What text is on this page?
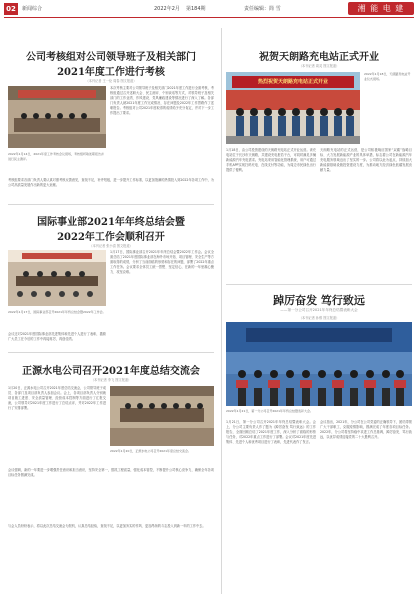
02	新闻综合	2022年2月 第184期	责任编辑：简 雪	湘 能 电 建
公司考核组对公司领导班子及相关部门
2021年度工作进行考核
（本刊记者 王一伦 周春 图文报道）
本次考核主要对公司领导班子及相关部门2021年度工作进行全面考核，考核组通过召开述职大会、民主测评、个别谈话等方式，对领导班子及相关部门的工作业绩、作风建设、党风廉政建设等情况进行了深入了解。各部门负责人就2021年度工作完成情况、存在问题及2022年工作思路作了述职报告。考核组对公司2021年度取得的成绩给予充分肯定，并对下一步工作提出了要求。
2022年1月14日，2021年度工作考核会议现场，考核组听取述职报告并进行民主测评。
考核组要求各部门负责人要认真对照考核反馈意见，查找不足，补齐短板，进一步提升工作标准，以更加饱满的热情投入到2022年各项工作中，为公司高质量发展作出新的更大贡献。
国际事业部2021年年终总结会暨
2022年工作会顺利召开
（本刊记者 张小清 图文报道）
1月17日，国际事业部召开2021年年终总结会暨2022年工作会。会议全面总结了2021年度国际事业部在海外市场开拓、项目管理、安全生产等方面取得的成绩，分析了当前面临的形势和存在的问题，部署了2022年重点工作任务。会议要求全体员工统一思想、坚定信心，在新的一年里凝心聚力、攻坚克难。
2022年1月17日，国际事业部召开2021年年终总结会暨2022年工作会。
会议还对2021年度国际事业部先进集体和先进个人进行了表彰，激励广大员工在今后的工作中再接再厉，再创佳绩。
正源水电公司召开2021年度总结交流会
（本刊记者 李飞 图文报道）
1月20日，正源水电公司召开2021年度总结交流会，公司领导班子成员、各部门及项目部负责人参加会议。会上，各项目部负责人分别就项目施工进度、安全质量管理、经营成本控制等方面进行了汇报交流，公司领导对2021年度工作进行了总结点评，并对2022年工作进行了安排部署。
2022年1月20日，正源水电公司召开2021年度总结交流会。
会议强调，新的一年要进一步增强责任意识和担当意识，坚持安全第一，狠抓工程质量，强化成本管控，不断提升公司核心竞争力，确保全年各项目标任务圆满完成。
与会人员纷纷表示，将以此次总结交流会为契机，认真总结经验，查找不足，以更加务实的作风、更加昂扬的斗志投入到新一年的工作中去。
祝贺天朗路充电站正式开业
（本刊记者 周灵 图文报道）
热烈祝贺天朗路充电站正式开业
2022年1月18日，天朗路充电站开业仪式现场。
1月18日，由公司投资建设的天朗路充电站正式开业运营。该充电站位于长沙市天朗路，共建设充电桩若干台，可同时满足多辆新能源汽车充电需求。充电站采用智能化管理系统，用户可通过手机APP实现扫码充电、在线支付等功能，为周边市民绿色出行提供了便利。
天朗路充电站的正式运营，是公司积极响应国家“双碳”战略目标、大力发展新能源产业的具体举措，标志着公司在新能源汽车充电服务领域迈出了坚实的一步。公司将以此为起点，持续加大新能源基础设施投资建设力度，为推动地方经济绿色低碳发展贡献力量。
踔厉奋发 笃行致远
——第一分公司召开2021年年终总结暨表彰大会
（本刊记者 孙维 图文报道）
2022年1月21日，第一分公司召开2021年年终总结暨表彰大会。
1月21日，第一分公司召开2021年年终总结暨表彰大会。会上，分公司主要负责人作了题为《踔厉奋发 笃行致远》的工作报告，全面回顾总结了2021年度工作，深入分析了面临的形势与任务，对2022年重点工作进行了部署。会议对2021年度先进集体、先进个人和优秀项目进行了表彰，先进代表作了发言。
会议指出，2021年，分公司在公司党委的正确领导下，团结带领广大干部职工，克服疫情影响，圆满完成了年度各项目标任务。2022年，分公司将坚持稳中求进工作总基调，踔厉奋发、笃行致远，以优异成绩迎接党的二十大胜利召开。
